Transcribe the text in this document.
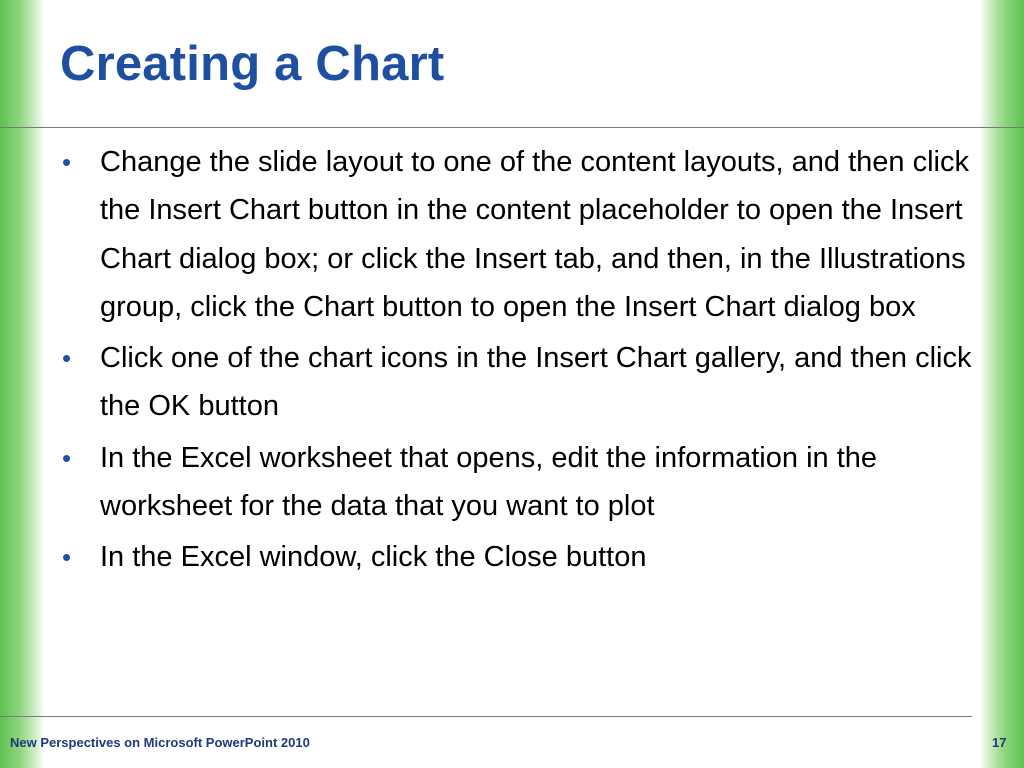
Creating a Chart
• Change the slide layout to one of the content layouts, and then click the Insert Chart button in the content placeholder to open the Insert Chart dialog box; or click the Insert tab, and then, in the Illustrations group, click the Chart button to open the Insert Chart dialog box
• Click one of the chart icons in the Insert Chart gallery, and then click the OK button
• In the Excel worksheet that opens, edit the information in the worksheet for the data that you want to plot
• In the Excel window, click the Close button
New Perspectives on Microsoft PowerPoint 2010	17
